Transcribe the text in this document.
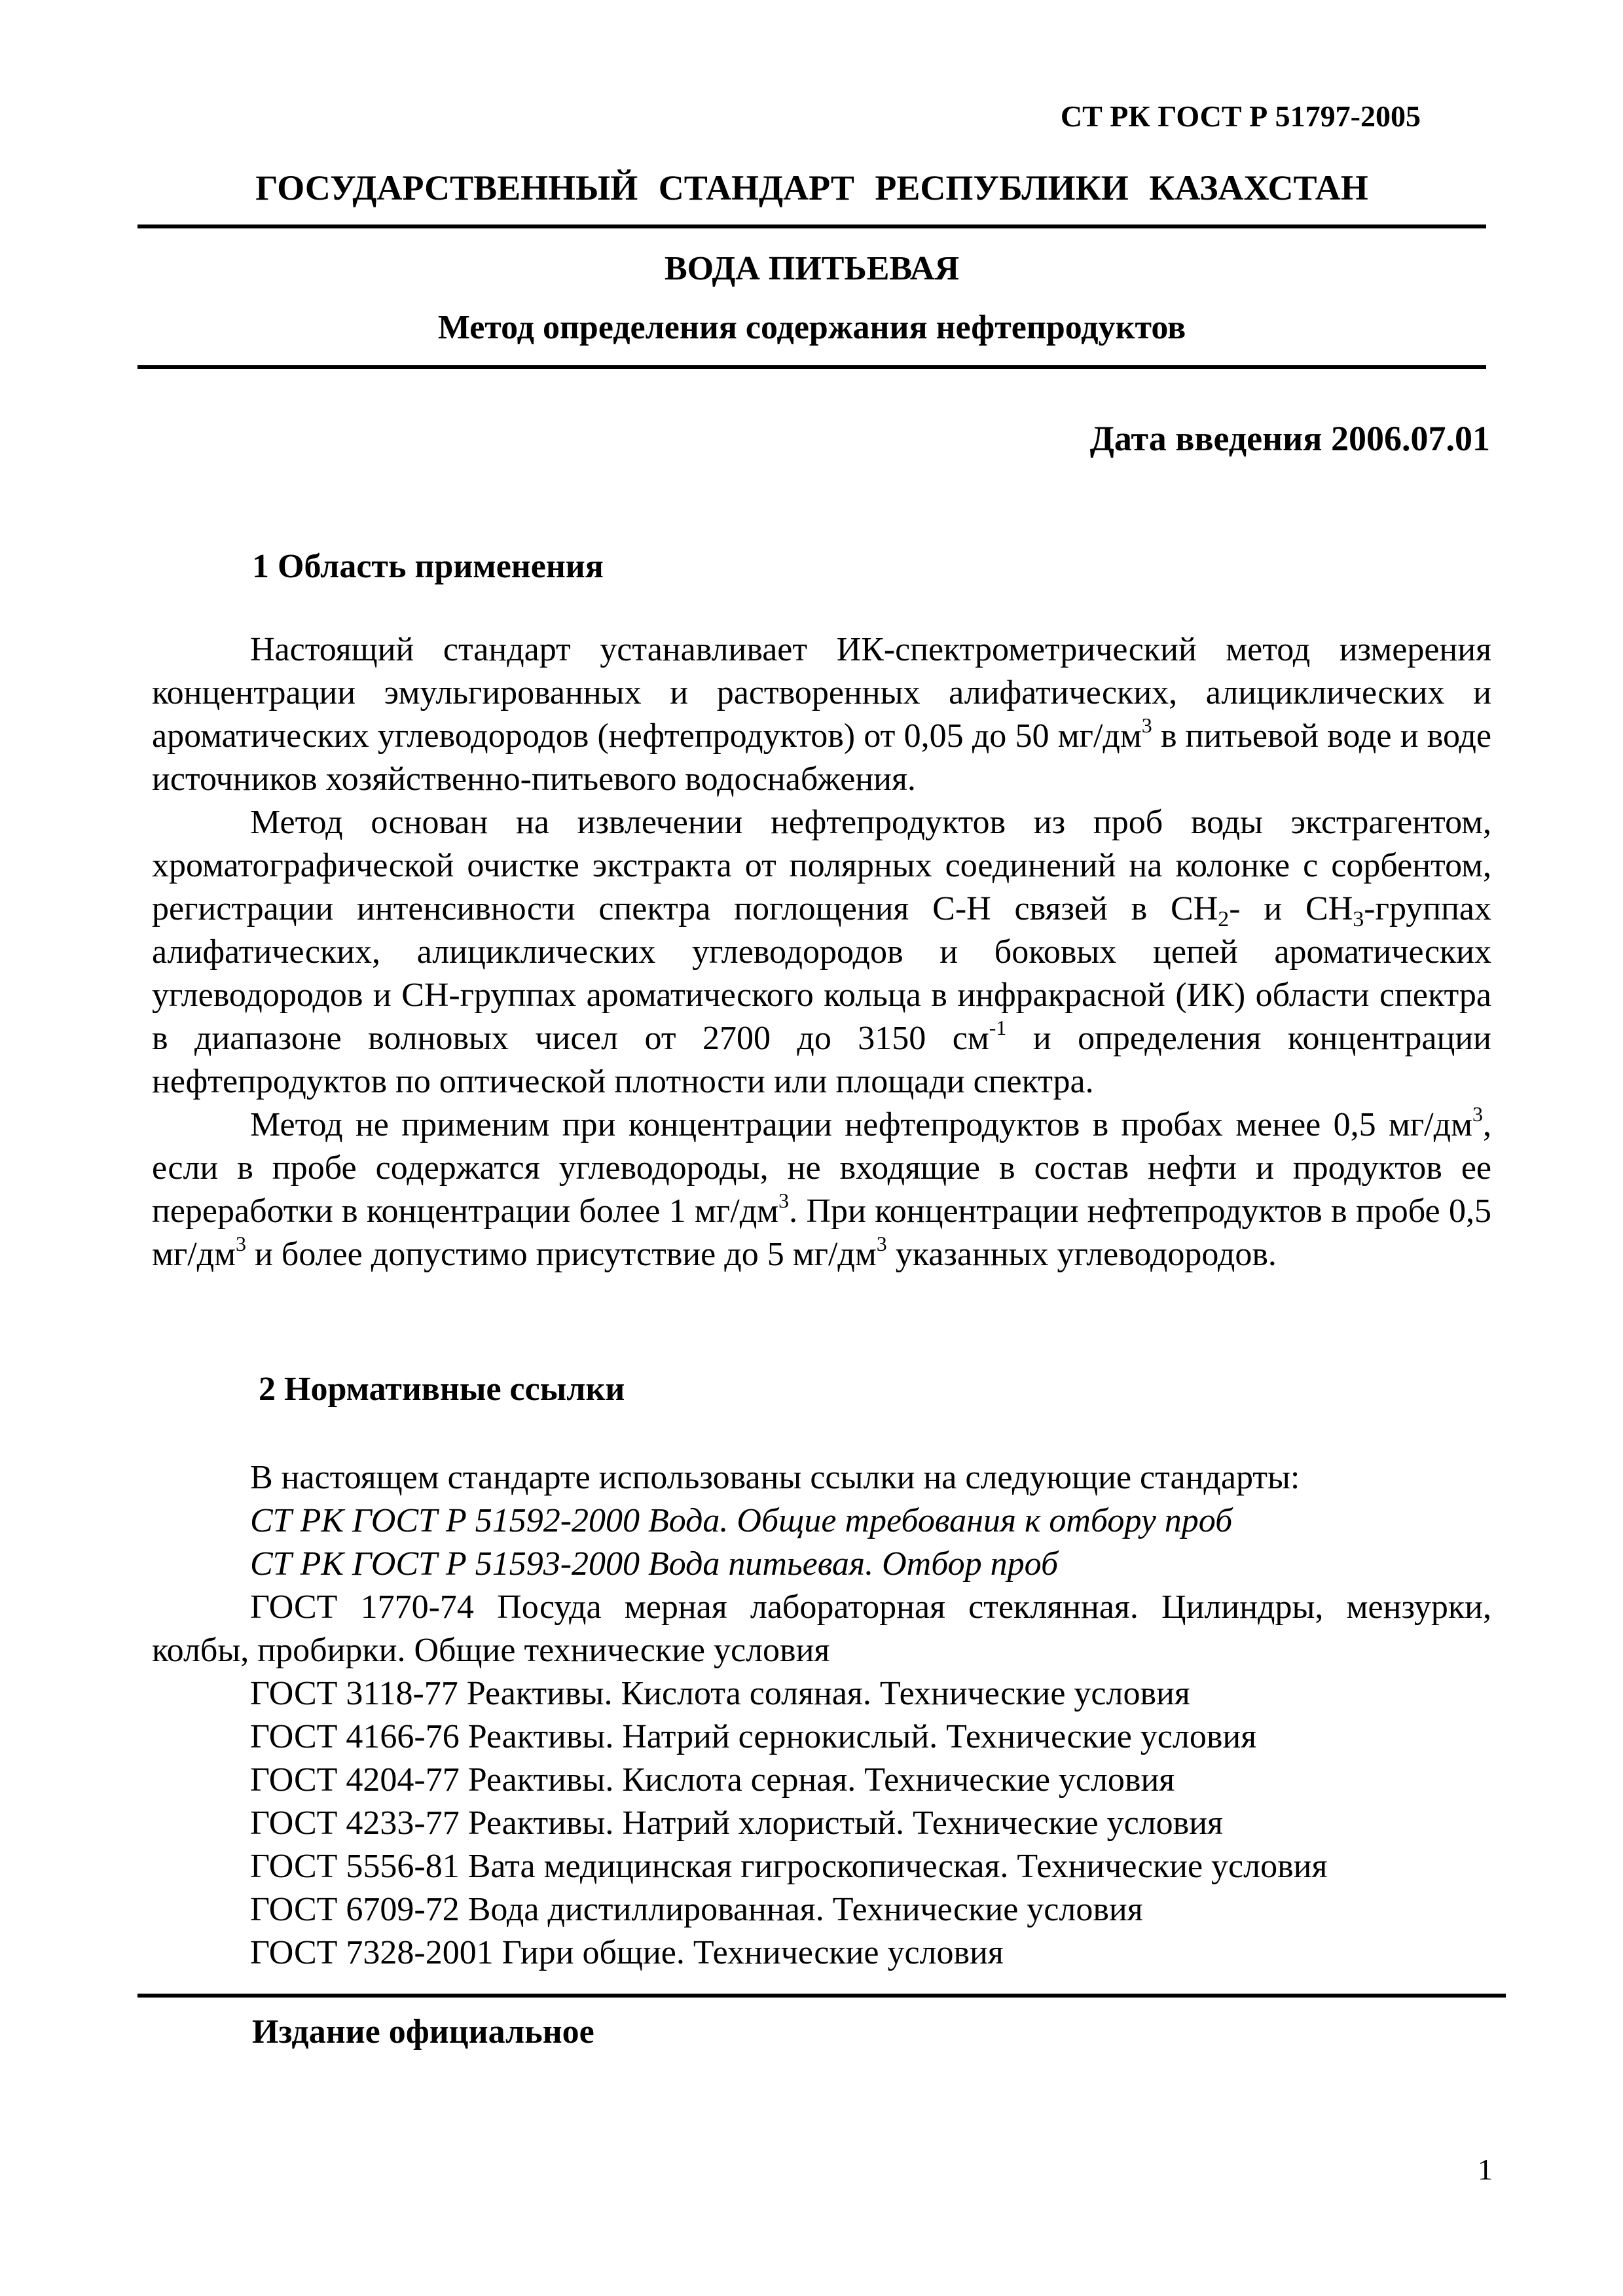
СТ РК ГОСТ Р 51797-2005
ГОСУДАРСТВЕННЫЙ СТАНДАРТ РЕСПУБЛИКИ КАЗАХСТАН
ВОДА ПИТЬЕВАЯ
Метод определения содержания нефтепродуктов
Дата введения 2006.07.01
1 Область применения

Настоящий стандарт устанавливает ИК-спектрометрический метод измерения концентрации эмульгированных и растворенных алифатических, алициклических и ароматических углеводородов (нефтепродуктов) от 0,05 до 50 $мг/дм^3$ в питьевой воде и воде источников хозяйственно-питьевого водоснабжения.

Метод основан на извлечении нефтепродуктов из проб воды экстрагентом, хроматографической очистке экстракта от полярных соединений на колонке с сорбентом, регистрации интенсивности спектра поглощения C-H связей в $CH_2-$ и $CH_3$-группах алифатических, алициклических углеводородов и боковых цепей ароматических углеводородов и CH-группах ароматического кольца в инфракрасной (ИК) области спектра в диапазоне волновых чисел от 2700 до 3150 $см^{-1}$ и определения концентрации нефтепродуктов по оптической плотности или площади спектра.

Метод не применим при концентрации нефтепродуктов в пробах менее 0,5 $мг/дм^3$, если в пробе содержатся углеводороды, не входящие в состав нефти и продуктов ее переработки в концентрации более 1 $мг/дм^3$. При концентрации нефтепродуктов в пробе 0,5 $мг/дм^3$ и более допустимо присутствие до 5 $мг/дм^3$ указанных углеводородов.

2 Нормативные ссылки

В настоящем стандарте использованы ссылки на следующие стандарты:

СТ РК ГОСТ Р 51592-2000 Вода. Общие требования к отбору проб

СТ РК ГОСТ Р 51593-2000 Вода питьевая. Отбор проб

ГОСТ 1770-74 Посуда мерная лабораторная стеклянная. Цилиндры, мензурки, колбы, пробирки. Общие технические условия

ГОСТ 3118-77 Реактивы. Кислота соляная. Технические условия

ГОСТ 4166-76 Реактивы. Натрий сернокислый. Технические условия

ГОСТ 4204-77 Реактивы. Кислота серная. Технические условия

ГОСТ 4233-77 Реактивы. Натрий хлористый. Технические условия

ГОСТ 5556-81 Вата медицинская гигроскопическая. Технические условия

ГОСТ 6709-72 Вода дистиллированная. Технические условия

ГОСТ 7328-2001 Гири общие. Технические условия

Издание официальное
1
